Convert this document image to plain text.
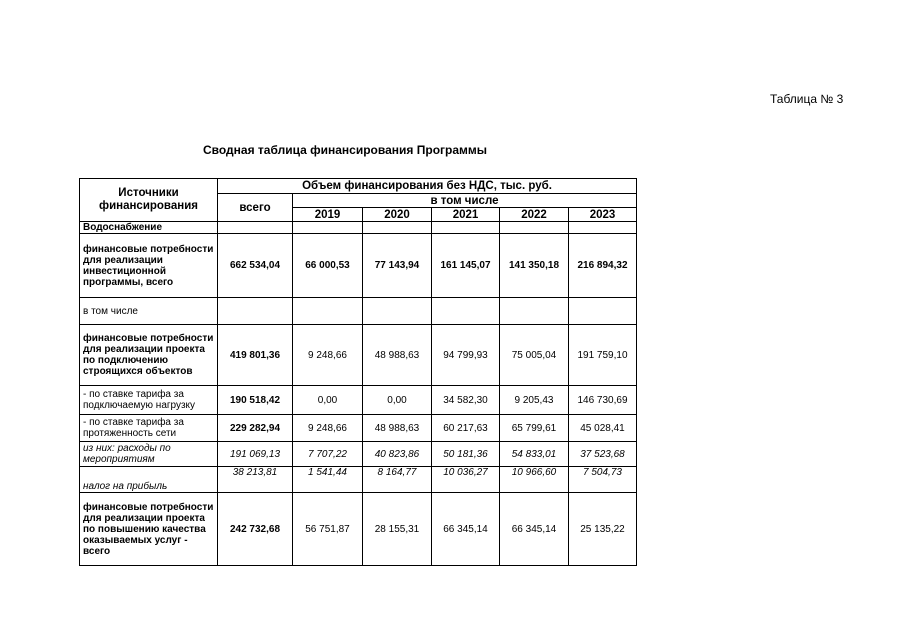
Таблица № 3
Сводная таблица финансирования Программы
Источники финансирования	Объем финансирования без НДС, тыс. руб.					
	всего	в том числе				
		2019	2020	2021	2022	2023
Водоснабжение						
финансовые потребности для реализации инвестиционной программы, всего	662 534,04	66 000,53	77 143,94	161 145,07	141 350,18	216 894,32
в том числе						
финансовые потребности для реализации проекта по подключению строящихся объектов	419 801,36	9 248,66	48 988,63	94 799,93	75 005,04	191 759,10
- по ставке тарифа за подключаемую нагрузку	190 518,42	0,00	0,00	34 582,30	9 205,43	146 730,69
- по ставке тарифа за протяженность сети	229 282,94	9 248,66	48 988,63	60 217,63	65 799,61	45 028,41
из них: расходы по мероприятиям	191 069,13	7 707,22	40 823,86	50 181,36	54 833,01	37 523,68
налог на прибыль	38 213,81	1 541,44	8 164,77	10 036,27	10 966,60	7 504,73
финансовые потребности для реализации проекта по повышению качества оказываемых услуг - всего	242 732,68	56 751,87	28 155,31	66 345,14	66 345,14	25 135,22
